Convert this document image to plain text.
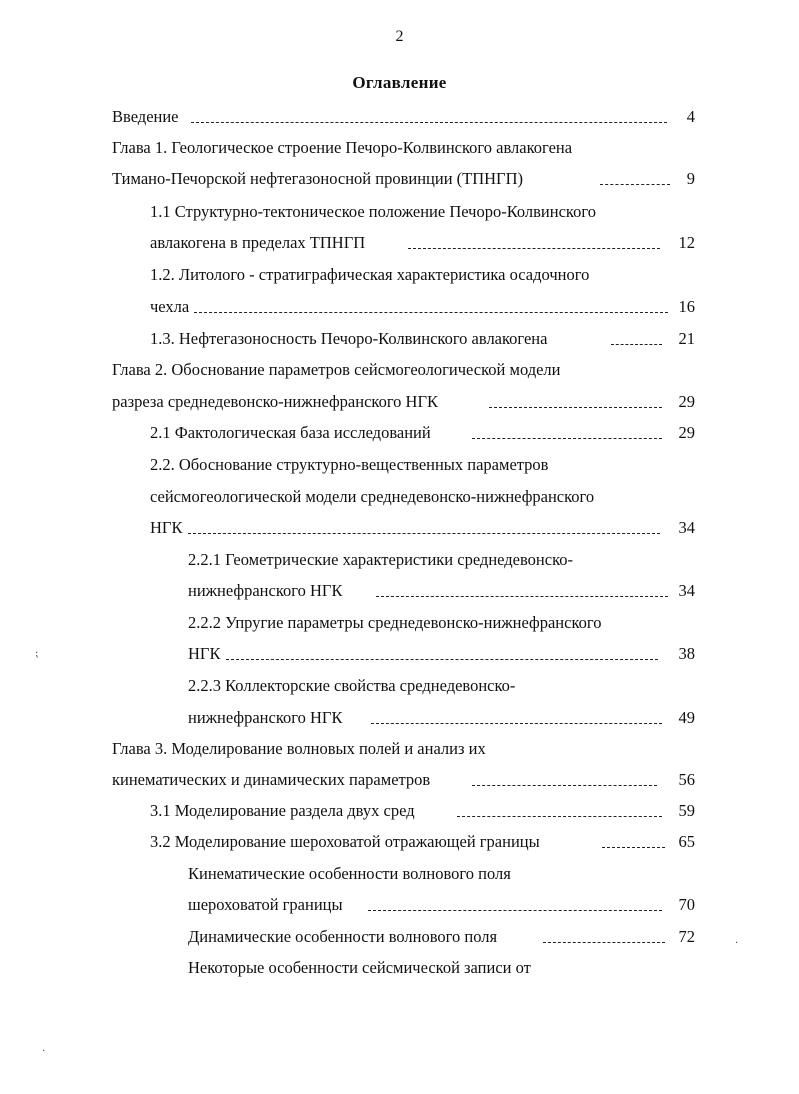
2
Оглавление
Введение	4
Глава 1. Геологическое строение Печоро-Колвинского авлакогена
Тимано-Печорской нефтегазоносной провинции (ТПНГП)	9
1.1 Структурно-тектоническое положение Печоро-Колвинского
авлакогена в пределах ТПНГП	12
1.2. Литолого - стратиграфическая характеристика осадочного
чехла	16
1.3. Нефтегазоносность Печоро-Колвинского авлакогена	21
Глава 2. Обоснование параметров сейсмогеологической модели
разреза среднедевонско-нижнефранского НГК	29
2.1 Фактологическая база исследований	29
2.2. Обоснование структурно-вещественных параметров
сейсмогеологической модели среднедевонско-нижнефранского
НГК	34
2.2.1 Геометрические характеристики среднедевонско-
нижнефранского НГК	34
2.2.2 Упругие параметры среднедевонско-нижнефранского
НГК	38
2.2.3 Коллекторские свойства среднедевонско-
нижнефранского НГК	49
Глава 3. Моделирование волновых полей и анализ их
кинематических и динамических параметров	56
3.1 Моделирование раздела двух сред	59
3.2 Моделирование шероховатой отражающей границы	65
Кинематические особенности волнового поля
шероховатой границы	70
Динамические особенности волнового поля	72
Некоторые особенности сейсмической записи от
⁏
·
·
